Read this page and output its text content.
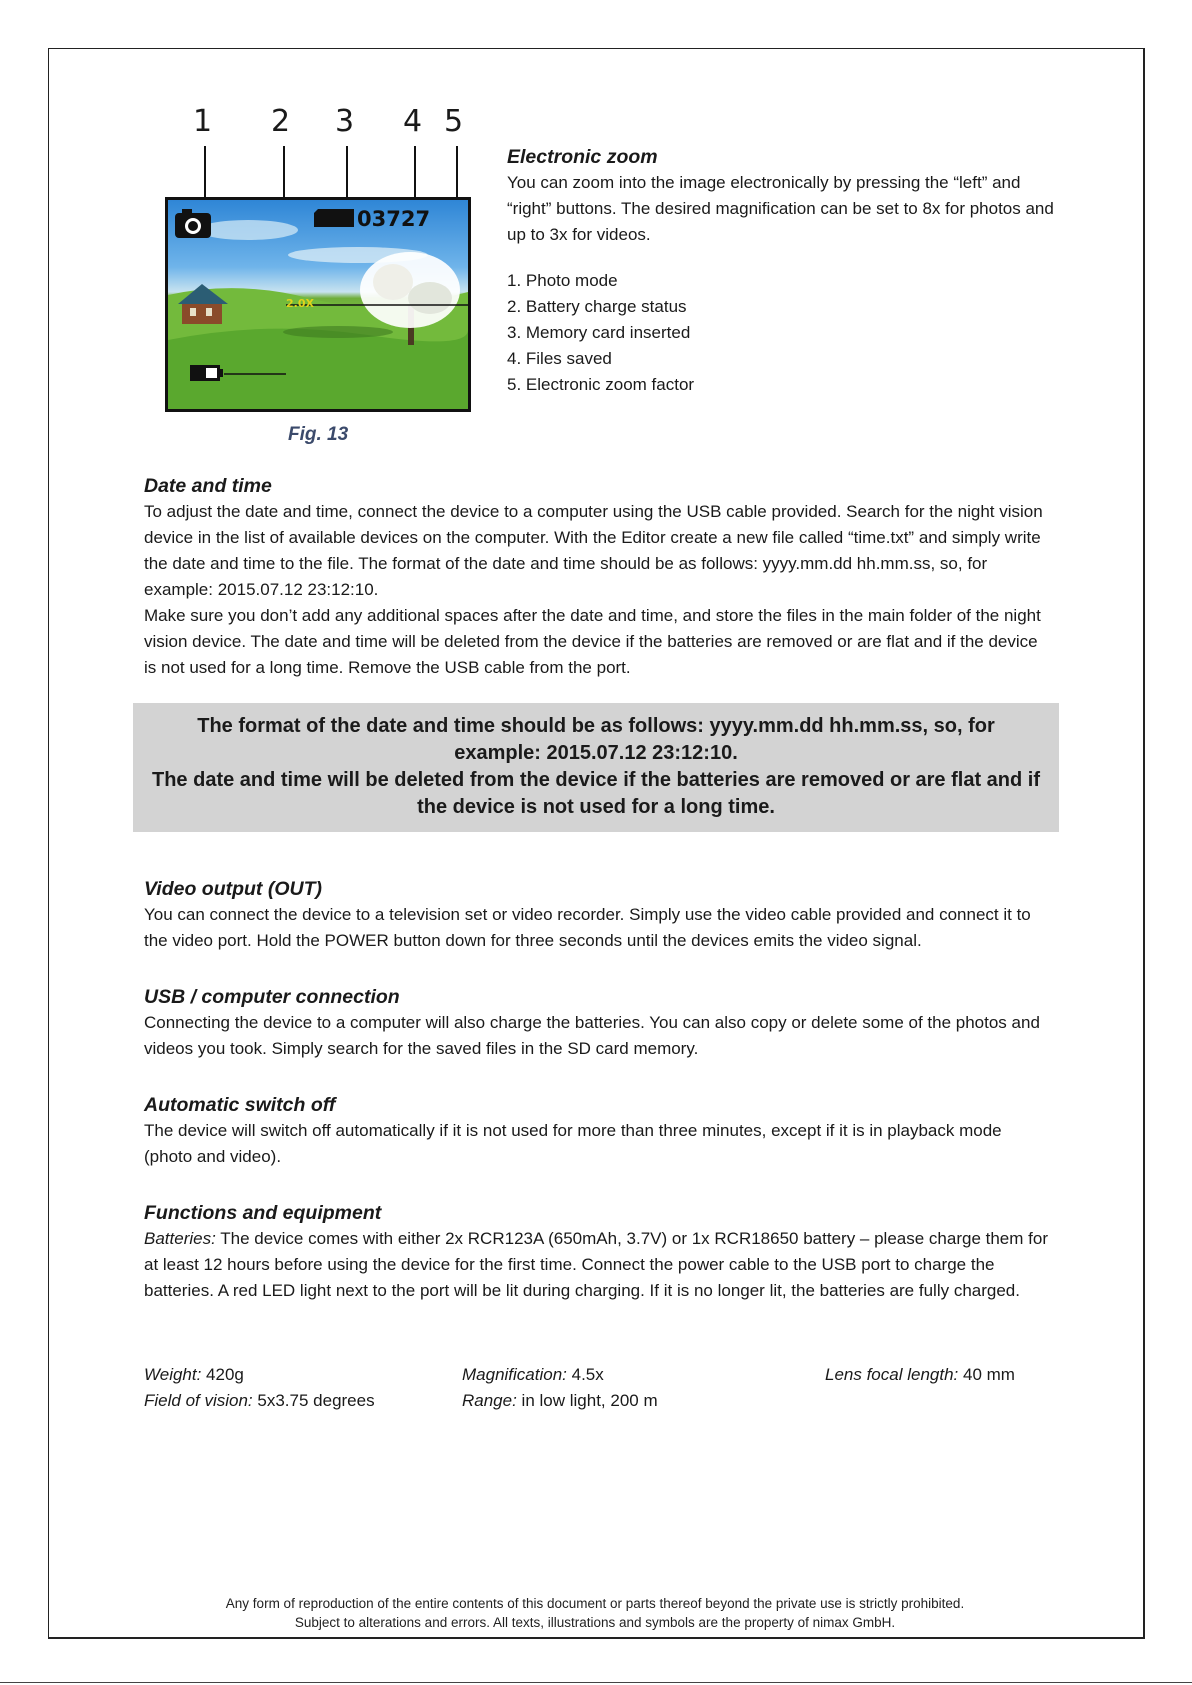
1 2 3 4 5
03727
2.0X
Fig. 13
Electronic zoom

You can zoom into the image electronically by pressing the “left” and “right” buttons. The desired magnification can be set to 8x for photos and up to 3x for videos.

1. Photo mode
2. Battery charge status
3. Memory card inserted
4. Files saved
5. Electronic zoom factor
Date and time

To adjust the date and time, connect the device to a computer using the USB cable provided. Search for the night vision device in the list of available devices on the computer. With the Editor create a new file called “time.txt” and simply write the date and time to the file. The format of the date and time should be as follows: yyyy.mm.dd hh.mm.ss, so, for example: 2015.07.12 23:12:10.

Make sure you don’t add any additional spaces after the date and time, and store the files in the main folder of the night vision device. The date and time will be deleted from the device if the batteries are removed or are flat and if the device is not used for a long time. Remove the USB cable from the port.

The format of the date and time should be as follows: yyyy.mm.dd hh.mm.ss, so, for example: 2015.07.12 23:12:10.
The date and time will be deleted from the device if the batteries are removed or are flat and if the device is not used for a long time.
Video output (OUT)

You can connect the device to a television set or video recorder. Simply use the video cable provided and connect it to the video port. Hold the POWER button down for three seconds until the devices emits the video signal.

USB / computer connection

Connecting the device to a computer will also charge the batteries. You can also copy or delete some of the photos and videos you took. Simply search for the saved files in the SD card memory.

Automatic switch off

The device will switch off automatically if it is not used for more than three minutes, except if it is in playback mode (photo and video).

Functions and equipment

Batteries: The device comes with either 2x RCR123A (650mAh, 3.7V) or 1x RCR18650 battery – please charge them for at least 12 hours before using the device for the first time. Connect the power cable to the USB port to charge the batteries. A red LED light next to the port will be lit during charging. If it is no longer lit, the batteries are fully charged.

Weight: 420g	Magnification: 4.5x	Lens focal length: 40 mm
Field of vision: 5x3.75 degrees	Range: in low light, 200 m
Any form of reproduction of the entire contents of this document or parts thereof beyond the private use is strictly prohibited.
Subject to alterations and errors. All texts, illustrations and symbols are the property of nimax GmbH.
